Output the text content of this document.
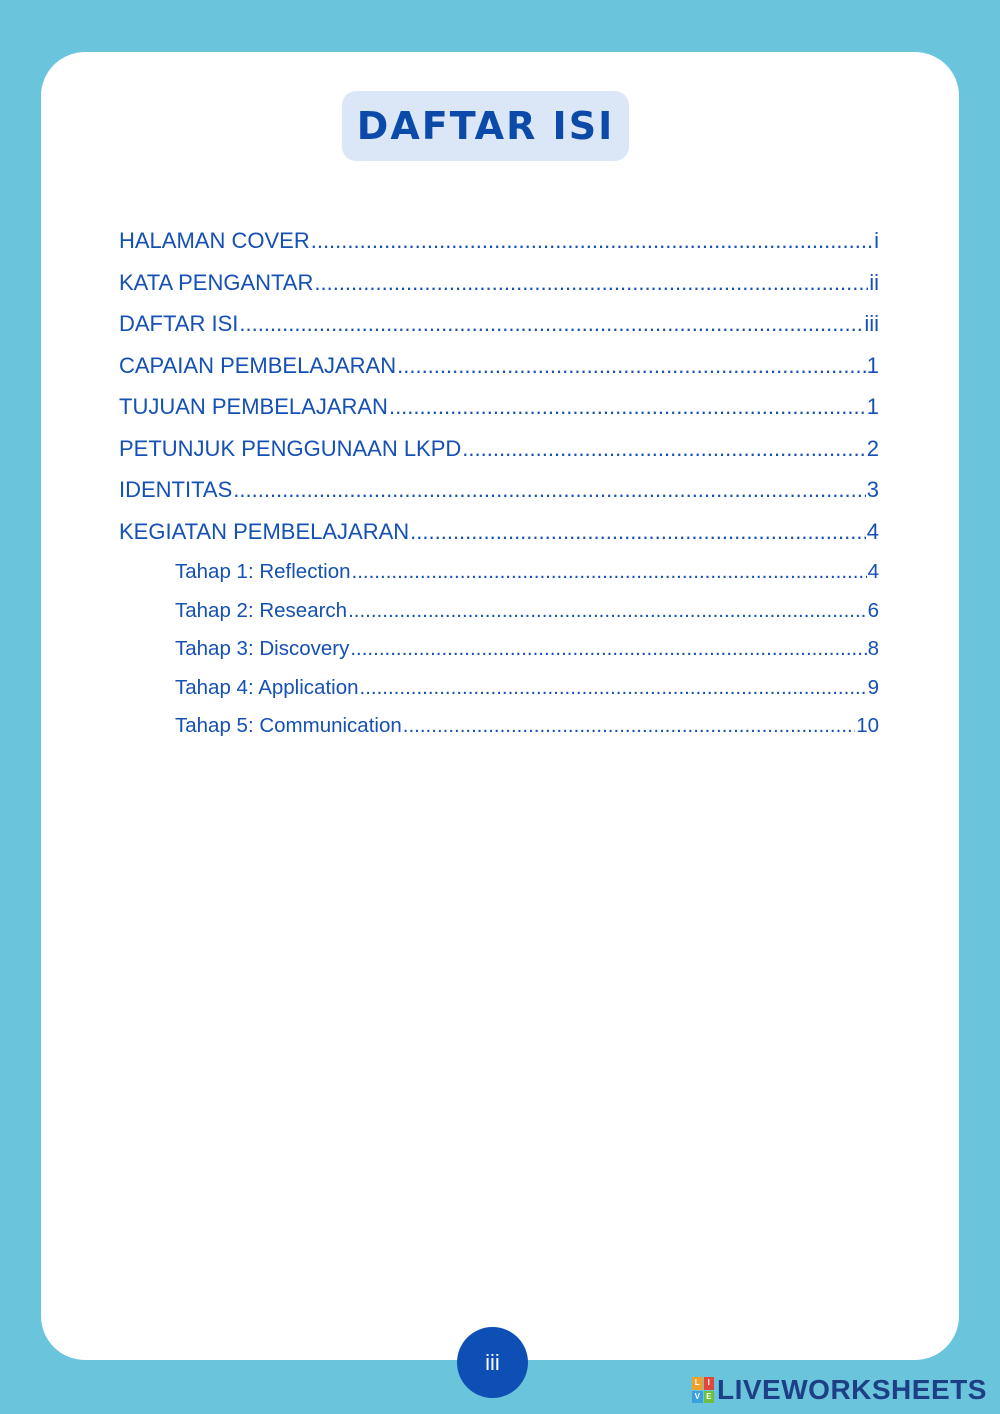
DAFTAR ISI
HALAMAN COVER .....	i
KATA PENGANTAR .....	ii
DAFTAR ISI .....	iii
CAPAIAN PEMBELAJARAN .....	1
TUJUAN PEMBELAJARAN .....	1
PETUNJUK PENGGUNAAN LKPD .....	2
IDENTITAS .....	3
KEGIATAN PEMBELAJARAN .....	4
Tahap 1: Reflection .....	4
Tahap 2: Research .....	6
Tahap 3: Discovery .....	8
Tahap 4: Application .....	9
Tahap 5: Communication .....	10
iii
L I
V E LIVEWORKSHEETS
